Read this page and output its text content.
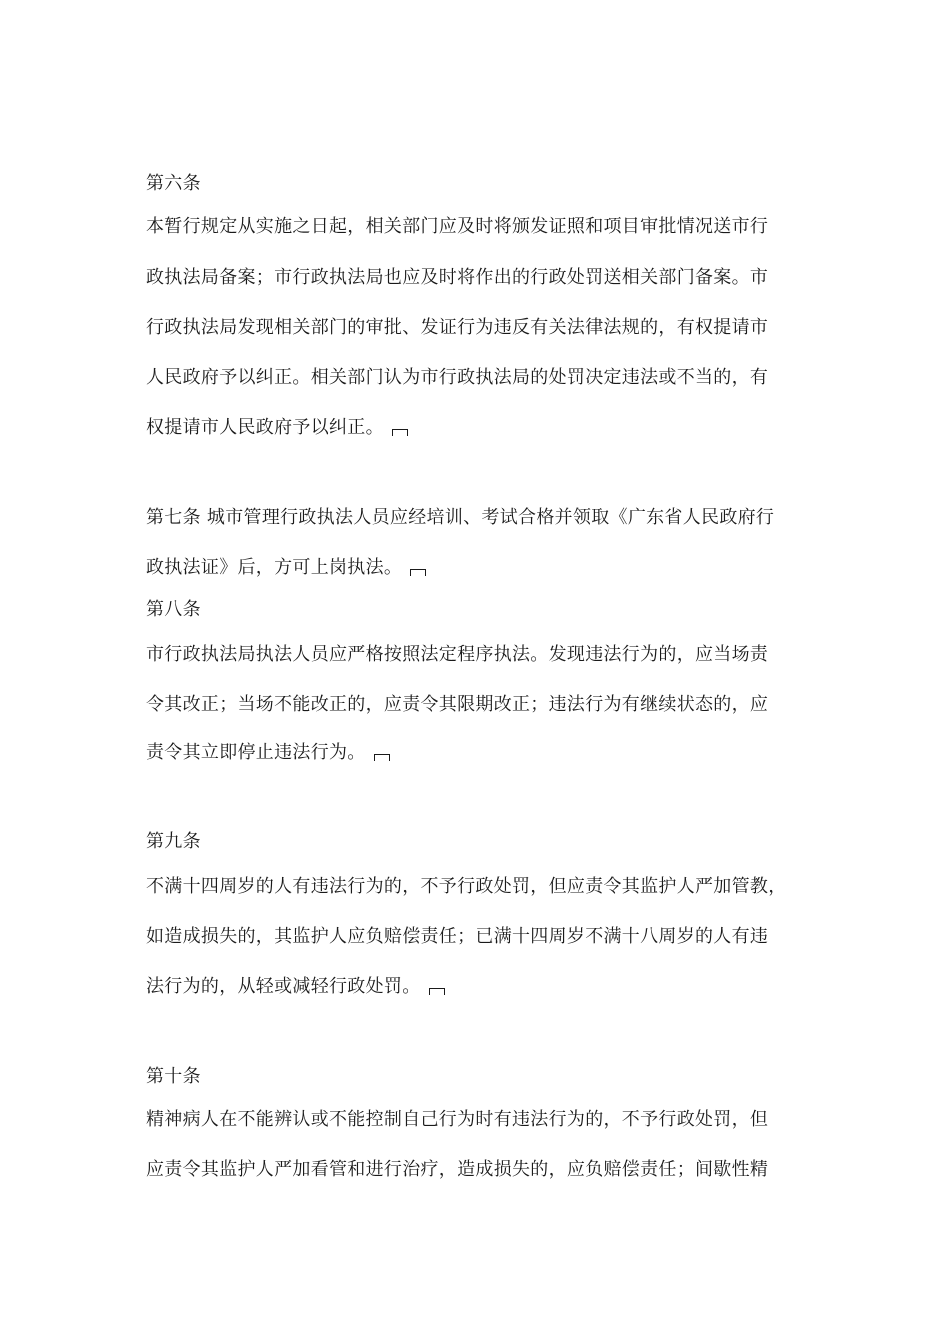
第六条
本暂行规定从实施之日起，相关部门应及时将颁发证照和项目审批情况送市行
政执法局备案；市行政执法局也应及时将作出的行政处罚送相关部门备案。市
行政执法局发现相关部门的审批、发证行为违反有关法律法规的，有权提请市
人民政府予以纠正。相关部门认为市行政执法局的处罚决定违法或不当的，有
权提请市人民政府予以纠正。
第七条 城市管理行政执法人员应经培训、考试合格并领取《广东省人民政府行
政执法证》后，方可上岗执法。
第八条
市行政执法局执法人员应严格按照法定程序执法。发现违法行为的，应当场责
令其改正；当场不能改正的，应责令其限期改正；违法行为有继续状态的，应
责令其立即停止违法行为。
第九条
不满十四周岁的人有违法行为的，不予行政处罚，但应责令其监护人严加管教，
如造成损失的，其监护人应负赔偿责任；已满十四周岁不满十八周岁的人有违
法行为的，从轻或减轻行政处罚。
第十条
精神病人在不能辨认或不能控制自己行为时有违法行为的，不予行政处罚，但
应责令其监护人严加看管和进行治疗，造成损失的，应负赔偿责任；间歇性精
